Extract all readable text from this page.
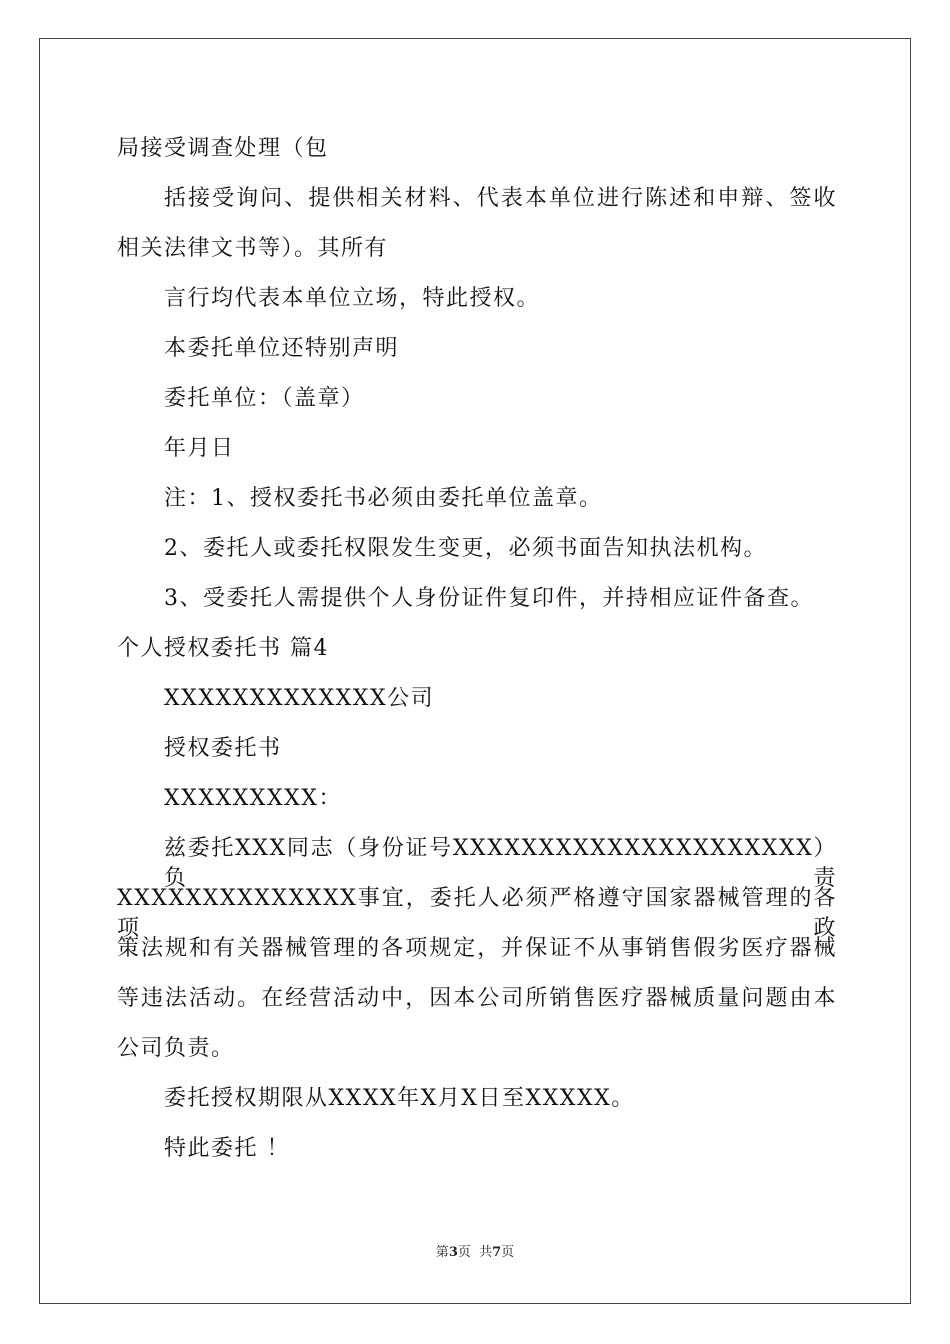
局接受调查处理（包
括接受询问、提供相关材料、代表本单位进行陈述和申辩、签收
相关法律文书等）。其所有
言行均代表本单位立场，特此授权。
本委托单位还特别声明
委托单位：（盖章）
年月日
注：1、授权委托书必须由委托单位盖章。
2、委托人或委托权限发生变更，必须书面告知执法机构。
3、受委托人需提供个人身份证件复印件，并持相应证件备查。
个人授权委托书 篇4
XXXXXXXXXXXXX公司
授权委托书
XXXXXXXXX：
兹委托XXX同志（身份证号XXXXXXXXXXXXXXXXXXXXX） 负责
XXXXXXXXXXXXXX事宜，委托人必须严格遵守国家器械管理的各项政
策法规和有关器械管理的各项规定，并保证不从事销售假劣医疗器械
等违法活动。在经营活动中，因本公司所销售医疗器械质量问题由本
公司负责。
委托授权期限从XXXX年X月X日至XXXXX。
特此委托 ！
第3页  共7页
